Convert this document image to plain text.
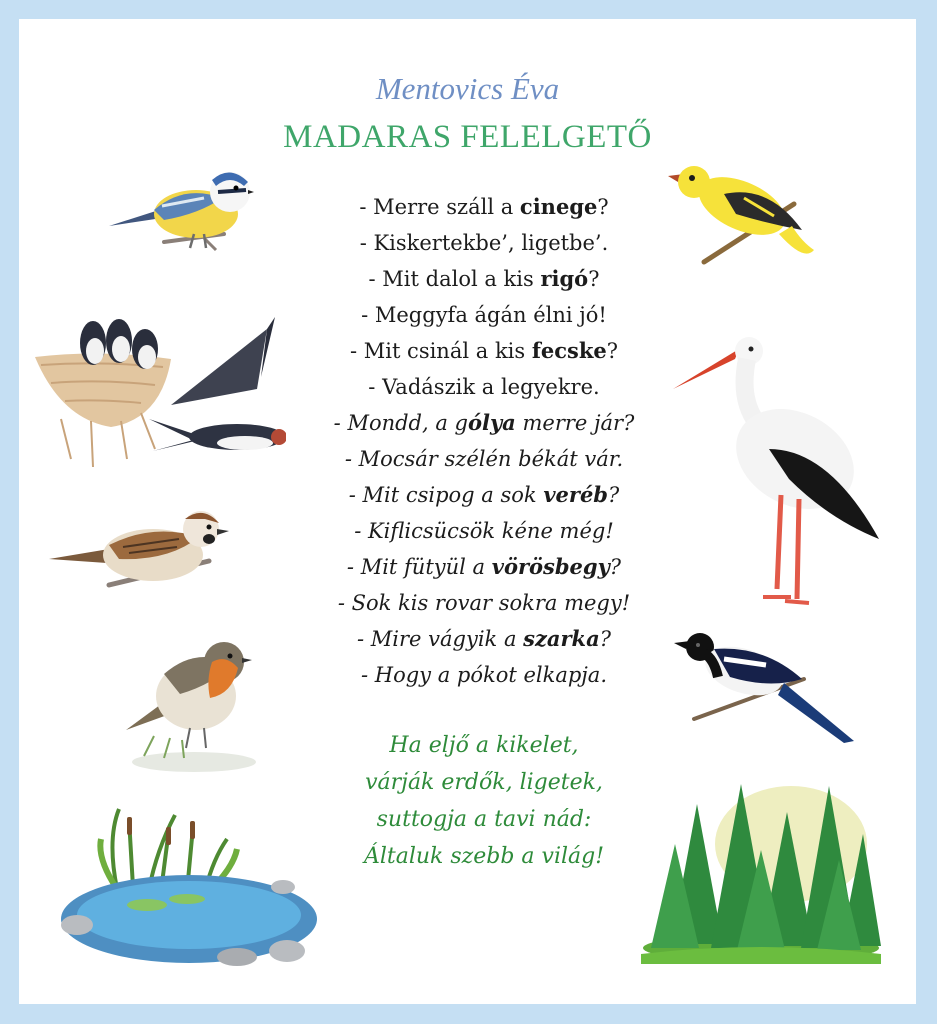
Mentovics Éva
MADARAS FELELGETŐ
- Merre száll a cinege?
- Kiskertekbe’, ligetbe’.
- Mit dalol a kis rigó?
- Meggyfa ágán élni jó!
- Mit csinál a kis fecske?
- Vadászik a legyekre.
- Mondd, a gólya merre jár?
- Mocsár szélén békát vár.
- Mit csipog a sok veréb?
- Kiflicsücsök kéne még!
- Mit fütyül a vörösbegy?
- Sok kis rovar sokra megy!
- Mire vágyik a szarka?
- Hogy a pókot elkapja.
Ha eljő a kikelet,
várják erdők, ligetek,
suttogja a tavi nád:
Általuk szebb a világ!
